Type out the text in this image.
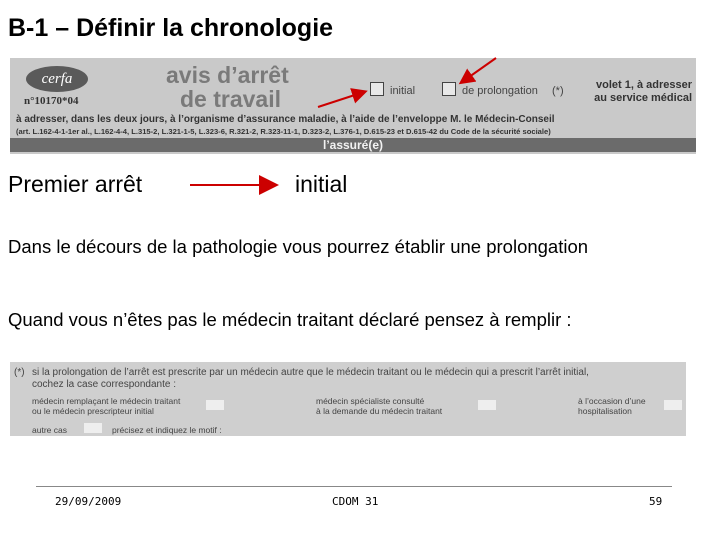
B-1 – Définir la chronologie
cerfa
n°10170*04
avis d’arrêt
de travail	initial	de prolongation (*)	volet 1, à adresser
au service médical
à adresser, dans les deux jours, à l’organisme d’assurance maladie, à l’aide de l’enveloppe M. le Médecin-Conseil
(art. L.162-4-1-1er al., L.162-4-4, L.315-2, L.321-1-5, L.323-6, R.321-2, R.323-11-1, D.323-2, L.376-1, D.615-23 et D.615-42 du Code de la sécurité sociale)
l’assuré(e)
Premier arrêt	initial
Dans le décours de la pathologie vous pourrez établir une prolongation
Quand vous n’êtes pas le médecin traitant déclaré pensez à remplir :
(*) si la prolongation de l’arrêt est prescrite par un médecin autre que le médecin traitant ou le médecin qui a prescrit l’arrêt initial,
cochez la case correspondante :
médecin remplaçant le médecin traitant
ou le médecin prescripteur initial
médecin spécialiste consulté
à la demande du médecin traitant
à l’occasion d’une
hospitalisation
autre cas	précisez et indiquez le motif :
29/09/2009	CDOM 31	59
